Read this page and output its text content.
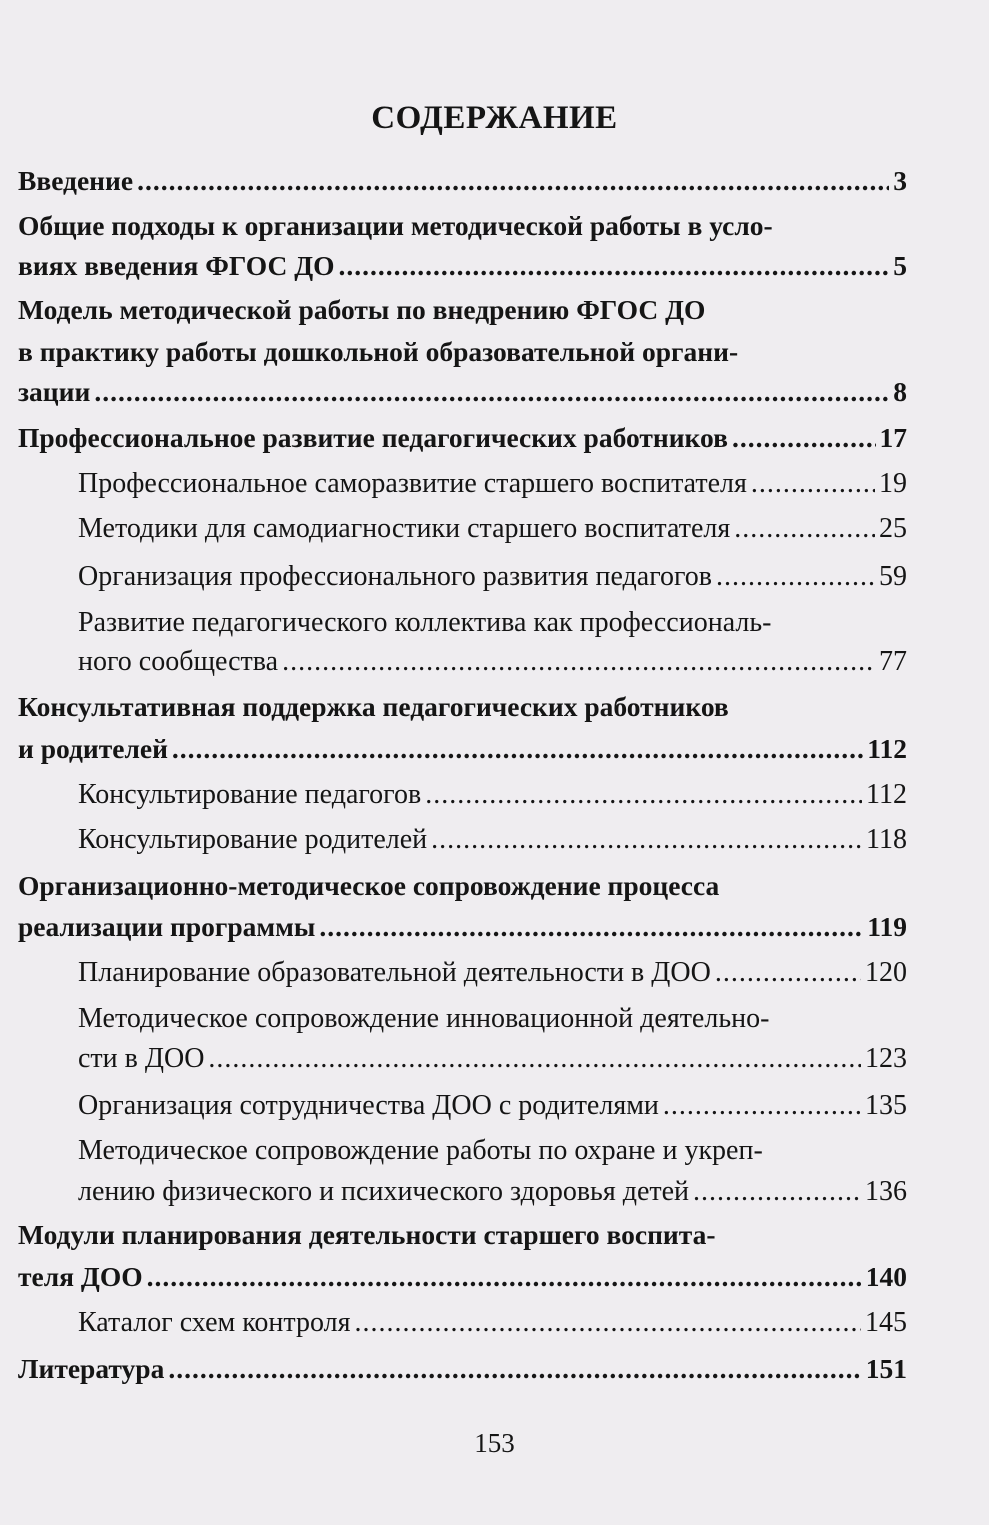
СОДЕРЖАНИЕ
Введение .....	3
Общие подходы к организации методической работы в усло-
виях введения ФГОС ДО .....	5
Модель методической работы по внедрению ФГОС ДО
в практику работы дошкольной образовательной органи-
зации .....	8
Профессиональное развитие педагогических работников .....	17
Профессиональное саморазвитие старшего воспитателя .....	19
Методики для самодиагностики старшего воспитателя .....	25
Организация профессионального развития педагогов .....	59
Развитие педагогического коллектива как профессиональ-
ного сообщества .....	77
Консультативная поддержка педагогических работников
и родителей .....	112
Консультирование педагогов .....	112
Консультирование родителей .....	118
Организационно-методическое сопровождение процесса
реализации программы .....	119
Планирование образовательной деятельности в ДОО .....	120
Методическое сопровождение инновационной деятельно-
сти в ДОО .....	123
Организация сотрудничества ДОО с родителями .....	135
Методическое сопровождение работы по охране и укреп-
лению физического и психического здоровья детей .....	136
Модули планирования деятельности старшего воспита-
теля ДОО .....	140
Каталог схем контроля .....	145
Литература .....	151
153
